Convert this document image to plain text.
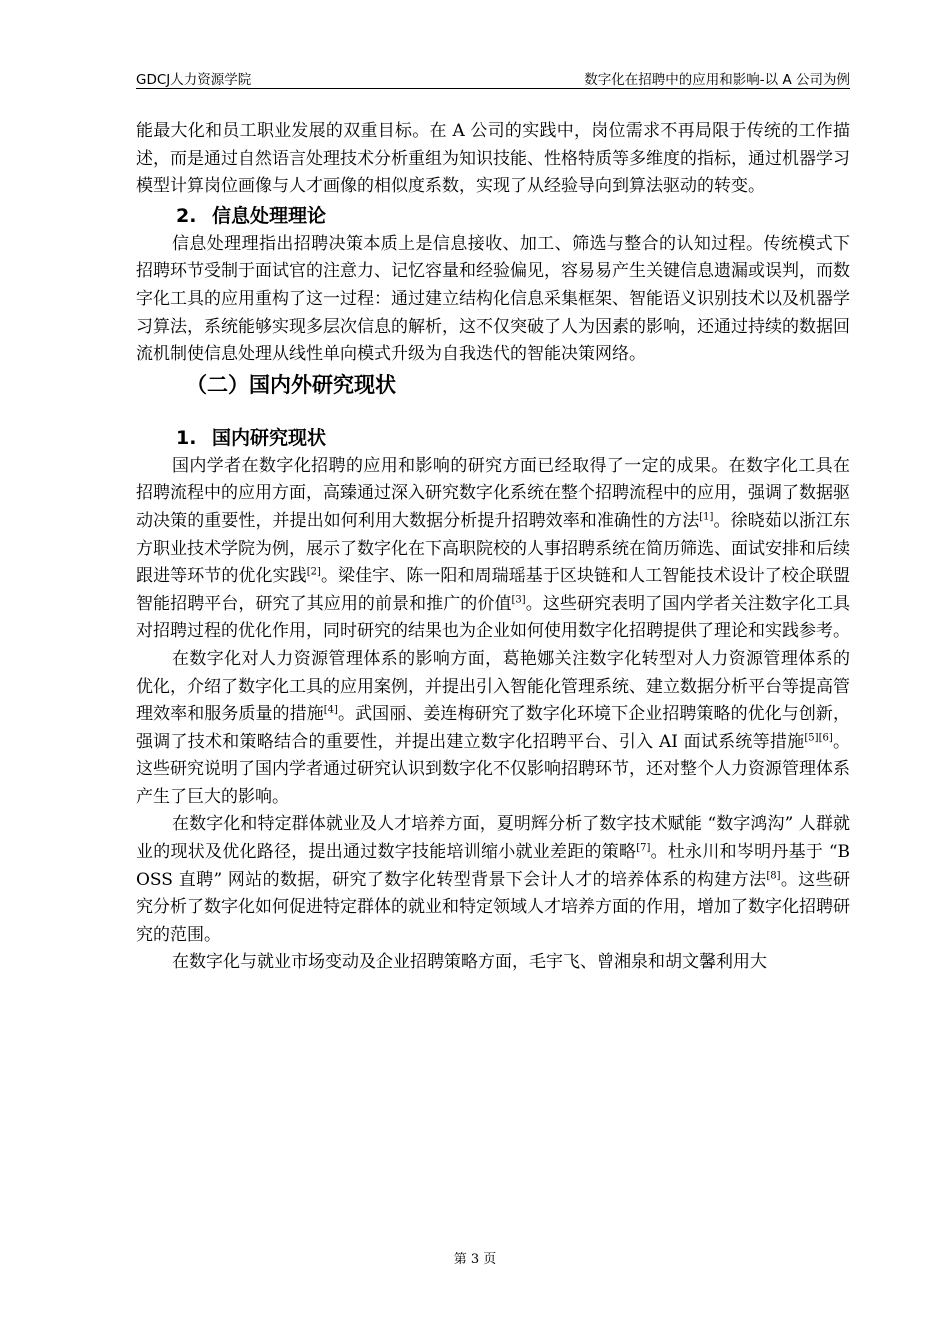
GDCJ人力资源学院	数字化在招聘中的应用和影响-以 A 公司为例

能最大化和员工职业发展的双重目标。在 A 公司的实践中，岗位需求不再局限于传统的工作描述，而是通过自然语言处理技术分析重组为知识技能、性格特质等多维度的指标，通过机器学习模型计算岗位画像与人才画像的相似度系数，实现了从经验导向到算法驱动的转变。

2. 信息处理理论

信息处理理指出招聘决策本质上是信息接收、加工、筛选与整合的认知过程。传统模式下招聘环节受制于面试官的注意力、记忆容量和经验偏见，容易易产生关键信息遗漏或误判，而数字化工具的应用重构了这一过程：通过建立结构化信息采集框架、智能语义识别技术以及机器学习算法，系统能够实现多层次信息的解析，这不仅突破了人为因素的影响，还通过持续的数据回流机制使信息处理从线性单向模式升级为自我迭代的智能决策网络。

（二）国内外研究现状
1. 国内研究现状

国内学者在数字化招聘的应用和影响的研究方面已经取得了一定的成果。在数字化工具在招聘流程中的应用方面，高臻通过深入研究数字化系统在整个招聘流程中的应用，强调了数据驱动决策的重要性，并提出如何利用大数据分析提升招聘效率和准确性的方法[1]。徐晓茹以浙江东方职业技术学院为例，展示了数字化在下高职院校的人事招聘系统在简历筛选、面试安排和后续跟进等环节的优化实践[2]。梁佳宇、陈一阳和周瑞瑶基于区块链和人工智能技术设计了校企联盟智能招聘平台，研究了其应用的前景和推广的价值[3]。这些研究表明了国内学者关注数字化工具对招聘过程的优化作用，同时研究的结果也为企业如何使用数字化招聘提供了理论和实践参考。

在数字化对人力资源管理体系的影响方面，葛艳娜关注数字化转型对人力资源管理体系的优化，介绍了数字化工具的应用案例，并提出引入智能化管理系统、建立数据分析平台等提高管理效率和服务质量的措施[4]。武国丽、姜连梅研究了数字化环境下企业招聘策略的优化与创新，强调了技术和策略结合的重要性，并提出建立数字化招聘平台、引入 AI 面试系统等措施[5][6]。这些研究说明了国内学者通过研究认识到数字化不仅影响招聘环节，还对整个人力资源管理体系产生了巨大的影响。

在数字化和特定群体就业及人才培养方面，夏明辉分析了数字技术赋能 “数字鸿沟” 人群就业的现状及优化路径，提出通过数字技能培训缩小就业差距的策略[7]。杜永川和岑明丹基于 “BOSS 直聘” 网站的数据，研究了数字化转型背景下会计人才的培养体系的构建方法[8]。这些研究分析了数字化如何促进特定群体的就业和特定领域人才培养方面的作用，增加了数字化招聘研究的范围。

在数字化与就业市场变动及企业招聘策略方面，毛宇飞、曾湘泉和胡文馨利用大

第 3 页
